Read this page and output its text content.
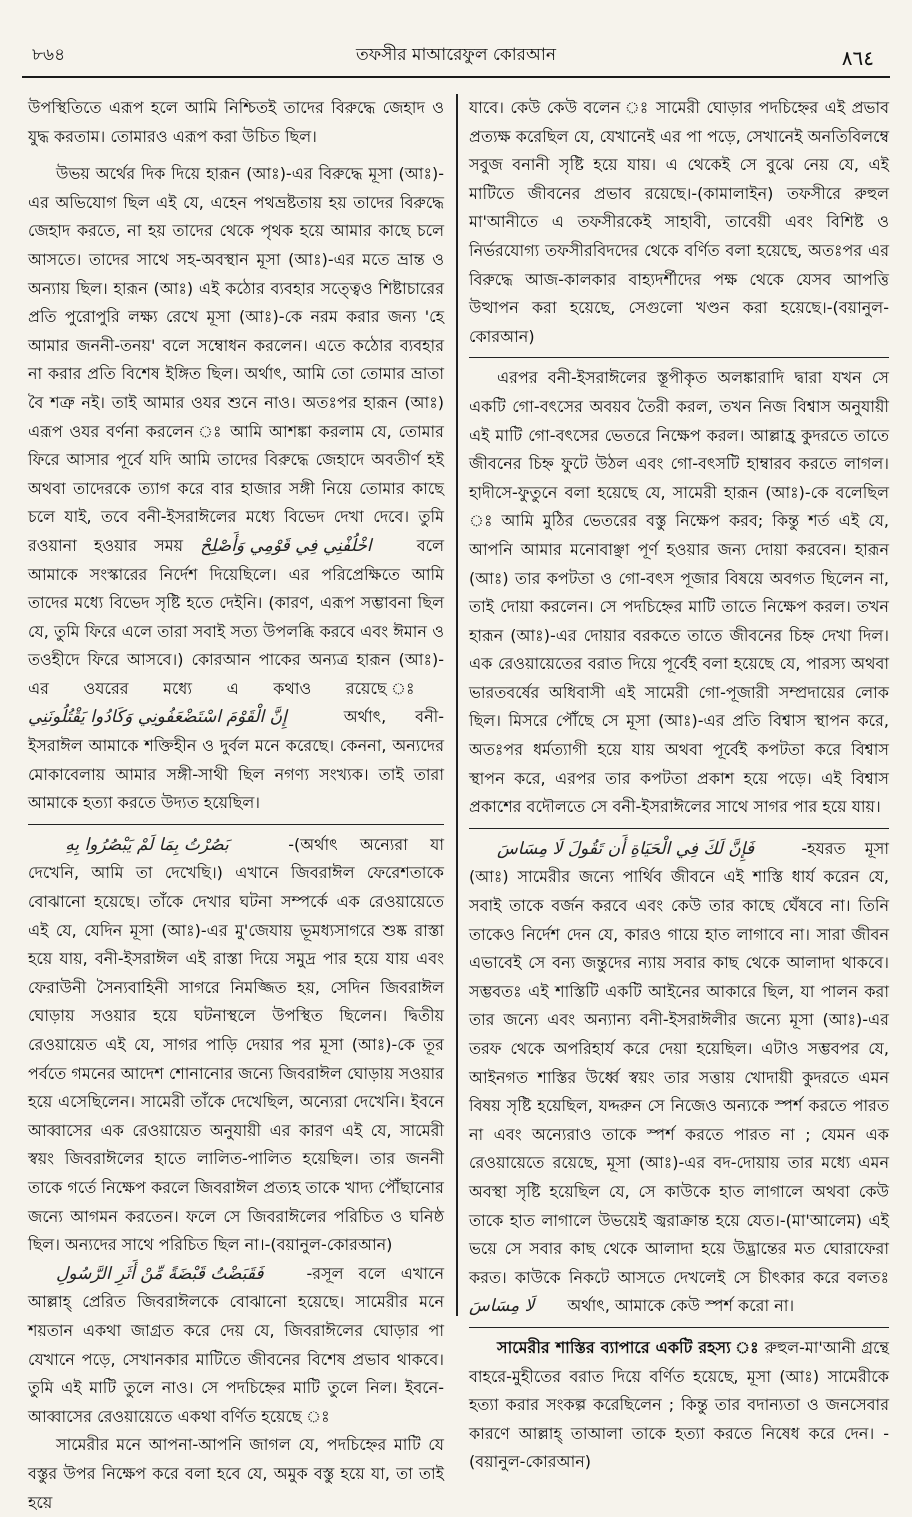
৮৬৪	তফসীর মাআরেফুল কোরআন	٨٦٤

উপস্থিতিতে এরূপ হলে আমি নিশ্চিতই তাদের বিরুদ্ধে জেহাদ ও যুদ্ধ করতাম। তোমারও এরূপ করা উচিত ছিল।

উভয় অর্থের দিক দিয়ে হারূন (আঃ)-এর বিরুদ্ধে মূসা (আঃ)-এর অভিযোগ ছিল এই যে, এহেন পথভ্রষ্টতায় হয় তাদের বিরুদ্ধে জেহাদ করতে, না হয় তাদের থেকে পৃথক হয়ে আমার কাছে চলে আসতে। তাদের সাথে সহ-অবস্থান মূসা (আঃ)-এর মতে ভ্রান্ত ও অন্যায় ছিল। হারূন (আঃ) এই কঠোর ব্যবহার সত্ত্বেও শিষ্টাচারের প্রতি পুরোপুরি লক্ষ্য রেখে মূসা (আঃ)-কে নরম করার জন্য 'হে আমার জননী-তনয়' বলে সম্বোধন করলেন। এতে কঠোর ব্যবহার না করার প্রতি বিশেষ ইঙ্গিত ছিল। অর্থাৎ, আমি তো তোমার ভ্রাতা বৈ শত্রু নই। তাই আমার ওযর শুনে নাও। অতঃপর হারূন (আঃ) এরূপ ওযর বর্ণনা করলেন ঃ আমি আশঙ্কা করলাম যে, তোমার ফিরে আসার পূর্বে যদি আমি তাদের বিরুদ্ধে জেহাদে অবতীর্ণ হই অথবা তাদেরকে ত্যাগ করে বার হাজার সঙ্গী নিয়ে তোমার কাছে চলে যাই, তবে বনী-ইসরাঈলের মধ্যে বিভেদ দেখা দেবে। তুমি রওয়ানা হওয়ার সময় اخْلُفْنِي فِي قَوْمِي وَأَصْلِحْ	বলে আমাকে সংস্কারের নির্দেশ দিয়েছিলে। এর পরিপ্রেক্ষিতে আমি তাদের মধ্যে বিভেদ সৃষ্টি হতে দেইনি। (কারণ, এরূপ সম্ভাবনা ছিল যে, তুমি ফিরে এলে তারা সবাই সত্য উপলব্ধি করবে এবং ঈমান ও তওহীদে ফিরে আসবে।) কোরআন পাকের অন্যত্র হারূন (আঃ)-এর ওযরের মধ্যে এ কথাও রয়েছে ঃ إِنَّ الْقَوْمَ اسْتَضْعَفُونِي وَكَادُوا يَقْتُلُونَنِي	অর্থাৎ, বনী-ইসরাঈল আমাকে শক্তিহীন ও দুর্বল মনে করেছে। কেননা, অন্যদের মোকাবেলায় আমার সঙ্গী-সাথী ছিল নগণ্য সংখ্যক। তাই তারা আমাকে হত্যা করতে উদ্যত হয়েছিল।

بَصُرْتُ بِمَا لَمْ يَبْصُرُوا بِهِ	-(অর্থাৎ অন্যেরা যা দেখেনি, আমি তা দেখেছি।) এখানে জিবরাঈল ফেরেশতাকে বোঝানো হয়েছে। তাঁকে দেখার ঘটনা সম্পর্কে এক রেওয়ায়েতে এই যে, যেদিন মূসা (আঃ)-এর মু'জেযায় ভূমধ্যসাগরে শুষ্ক রাস্তা হয়ে যায়, বনী-ইসরাঈল এই রাস্তা দিয়ে সমুদ্র পার হয়ে যায় এবং ফেরাউনী সৈন্যবাহিনী সাগরে নিমজ্জিত হয়, সেদিন জিবরাঈল ঘোড়ায় সওয়ার হয়ে ঘটনাস্থলে উপস্থিত ছিলেন। দ্বিতীয় রেওয়ায়েত এই যে, সাগর পাড়ি দেয়ার পর মূসা (আঃ)-কে তূর পর্বতে গমনের আদেশ শোনানোর জন্যে জিবরাঈল ঘোড়ায় সওয়ার হয়ে এসেছিলেন। সামেরী তাঁকে দেখেছিল, অন্যেরা দেখেনি। ইবনে আব্বাসের এক রেওয়ায়েত অনুযায়ী এর কারণ এই যে, সামেরী স্বয়ং জিবরাঈলের হাতে লালিত-পালিত হয়েছিল। তার জননী তাকে গর্তে নিক্ষেপ করলে জিবরাঈল প্রত্যহ তাকে খাদ্য পৌঁছানোর জন্যে আগমন করতেন। ফলে সে জিবরাঈলের পরিচিত ও ঘনিষ্ঠ ছিল। অন্যদের সাথে পরিচিত ছিল না।-(বয়ানুল-কোরআন)

فَقَبَضْتُ قَبْضَةً مِّنْ أَثَرِ الرَّسُولِ	-রসূল বলে এখানে আল্লাহ্ প্রেরিত জিবরাঈলকে বোঝানো হয়েছে। সামেরীর মনে শয়তান একথা জাগ্রত করে দেয় যে, জিবরাঈলের ঘোড়ার পা যেখানে পড়ে, সেখানকার মাটিতে জীবনের বিশেষ প্রভাব থাকবে। তুমি এই মাটি তুলে নাও। সে পদচিহ্নের মাটি তুলে নিল। ইবনে-আব্বাসের রেওয়ায়েতে একথা বর্ণিত হয়েছে ঃ

সামেরীর মনে আপনা-আপনি জাগল যে, পদচিহ্নের মাটি যে বস্তুর উপর নিক্ষেপ করে বলা হবে যে, অমুক বস্তু হয়ে যা, তা তাই হয়ে

যাবে। কেউ কেউ বলেন ঃ সামেরী ঘোড়ার পদচিহ্নের এই প্রভাব প্রত্যক্ষ করেছিল যে, যেখানেই এর পা পড়ে, সেখানেই অনতিবিলম্বে সবুজ বনানী সৃষ্টি হয়ে যায়। এ থেকেই সে বুঝে নেয় যে, এই মাটিতে জীবনের প্রভাব রয়েছে।-(কামালাইন) তফসীরে রুহুল মা'আনীতে এ তফসীরকেই সাহাবী, তাবেয়ী এবং বিশিষ্ট ও নির্ভরযোগ্য তফসীরবিদদের থেকে বর্ণিত বলা হয়েছে, অতঃপর এর বিরুদ্ধে আজ-কালকার বাহ্যদর্শীদের পক্ষ থেকে যেসব আপত্তি উত্থাপন করা হয়েছে, সেগুলো খণ্ডন করা হয়েছে।-(বয়ানুল-কোরআন)

এরপর বনী-ইসরাঈলের স্তূপীকৃত অলঙ্কারাদি দ্বারা যখন সে একটি গো-বৎসের অবয়ব তৈরী করল, তখন নিজ বিশ্বাস অনুযায়ী এই মাটি গো-বৎসের ভেতরে নিক্ষেপ করল। আল্লাহ্র কুদরতে তাতে জীবনের চিহ্ন ফুটে উঠল এবং গো-বৎসটি হাম্বারব করতে লাগল। হাদীসে-ফুতুনে বলা হয়েছে যে, সামেরী হারূন (আঃ)-কে বলেছিল ঃ আমি মুঠির ভেতরের বস্তু নিক্ষেপ করব; কিন্তু শর্ত এই যে, আপনি আমার মনোবাঞ্ছা পূর্ণ হওয়ার জন্য দোয়া করবেন। হারূন (আঃ) তার কপটতা ও গো-বৎস পূজার বিষয়ে অবগত ছিলেন না, তাই দোয়া করলেন। সে পদচিহ্নের মাটি তাতে নিক্ষেপ করল। তখন হারূন (আঃ)-এর দোয়ার বরকতে তাতে জীবনের চিহ্ন দেখা দিল। এক রেওয়ায়েতের বরাত দিয়ে পূর্বেই বলা হয়েছে যে, পারস্য অথবা ভারতবর্ষের অধিবাসী এই সামেরী গো-পূজারী সম্প্রদায়ের লোক ছিল। মিসরে পৌঁছে সে মূসা (আঃ)-এর প্রতি বিশ্বাস স্থাপন করে, অতঃপর ধর্মত্যাগী হয়ে যায় অথবা পূর্বেই কপটতা করে বিশ্বাস স্থাপন করে, এরপর তার কপটতা প্রকাশ হয়ে পড়ে। এই বিশ্বাস প্রকাশের বদৌলতে সে বনী-ইসরাঈলের সাথে সাগর পার হয়ে যায়।

فَإِنَّ لَكَ فِي الْحَيَاةِ أَن تَقُولَ لَا مِسَاسَ	-হযরত মূসা (আঃ) সামেরীর জন্যে পার্থিব জীবনে এই শাস্তি ধার্য করেন যে, সবাই তাকে বর্জন করবে এবং কেউ তার কাছে ঘেঁষবে না। তিনি তাকেও নির্দেশ দেন যে, কারও গায়ে হাত লাগাবে না। সারা জীবন এভাবেই সে বন্য জন্তুদের ন্যায় সবার কাছ থেকে আলাদা থাকবে। সম্ভবতঃ এই শাস্তিটি একটি আইনের আকারে ছিল, যা পালন করা তার জন্যে এবং অন্যান্য বনী-ইসরাঈলীর জন্যে মূসা (আঃ)-এর তরফ থেকে অপরিহার্য করে দেয়া হয়েছিল। এটাও সম্ভবপর যে, আইনগত শাস্তির উর্ধ্বে স্বয়ং তার সত্তায় খোদায়ী কুদরতে এমন বিষয় সৃষ্টি হয়েছিল, যদ্দরুন সে নিজেও অন্যকে স্পর্শ করতে পারত না এবং অন্যেরাও তাকে স্পর্শ করতে পারত না ; যেমন এক রেওয়ায়েতে রয়েছে, মূসা (আঃ)-এর বদ-দোয়ায় তার মধ্যে এমন অবস্থা সৃষ্টি হয়েছিল যে, সে কাউকে হাত লাগালে অথবা কেউ তাকে হাত লাগালে উভয়েই জ্বরাক্রান্ত হয়ে যেত।-(মা'আলেম) এই ভয়ে সে সবার কাছ থেকে আলাদা হয়ে উদ্ভ্রান্তের মত ঘোরাফেরা করত। কাউকে নিকটে আসতে দেখলেই সে চীৎকার করে বলতঃ لَا مِسَاسَ অর্থাৎ, আমাকে কেউ স্পর্শ করো না।

সামেরীর শাস্তির ব্যাপারে একটি রহস্য ঃ রুহুল-মা'আনী গ্রন্থে বাহরে-মুহীতের বরাত দিয়ে বর্ণিত হয়েছে, মূসা (আঃ) সামেরীকে হত্যা করার সংকল্প করেছিলেন ; কিন্তু তার বদান্যতা ও জনসেবার কারণে আল্লাহ্ তাআলা তাকে হত্যা করতে নিষেধ করে দেন। -(বয়ানুল-কোরআন)
